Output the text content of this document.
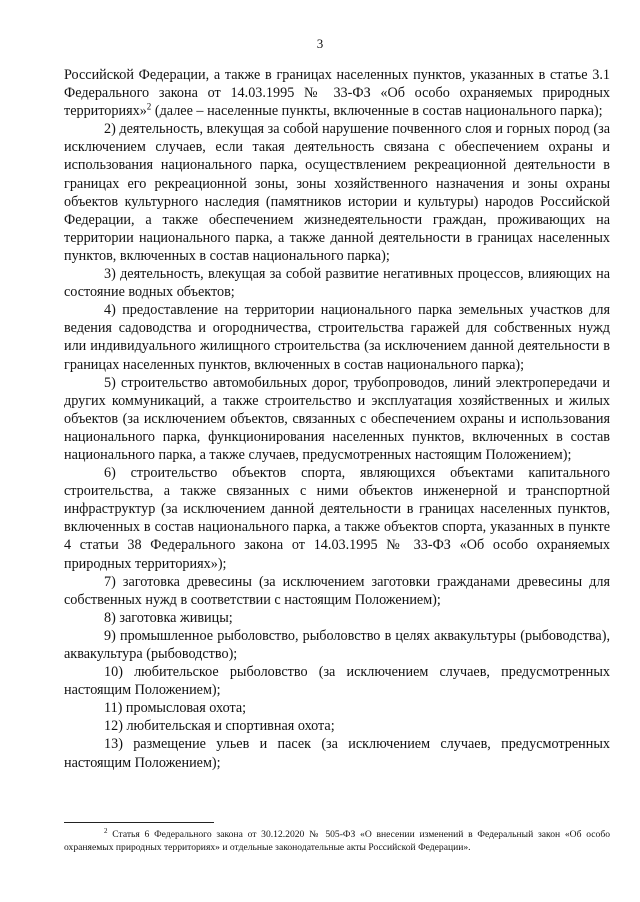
3

Российской Федерации, а также в границах населенных пунктов, указанных в статье 3.1 Федерального закона от 14.03.1995 № 33-ФЗ «Об особо охраняемых природных территориях»$^2$ (далее – населенные пункты, включенные в состав национального парка);

2) деятельность, влекущая за собой нарушение почвенного слоя и горных пород (за исключением случаев, если такая деятельность связана с обеспечением охраны и использования национального парка, осуществлением рекреационной деятельности в границах его рекреационной зоны, зоны хозяйственного назначения и зоны охраны объектов культурного наследия (памятников истории и культуры) народов Российской Федерации, а также обеспечением жизнедеятельности граждан, проживающих на территории национального парка, а также данной деятельности в границах населенных пунктов, включенных в состав национального парка);

3) деятельность, влекущая за собой развитие негативных процессов, влияющих на состояние водных объектов;

4) предоставление на территории национального парка земельных участков для ведения садоводства и огородничества, строительства гаражей для собственных нужд или индивидуального жилищного строительства (за исключением данной деятельности в границах населенных пунктов, включенных в состав национального парка);

5) строительство автомобильных дорог, трубопроводов, линий электропередачи и других коммуникаций, а также строительство и эксплуатация хозяйственных и жилых объектов (за исключением объектов, связанных с обеспечением охраны и использования национального парка, функционирования населенных пунктов, включенных в состав национального парка, а также случаев, предусмотренных настоящим Положением);

6) строительство объектов спорта, являющихся объектами капитального строительства, а также связанных с ними объектов инженерной и транспортной инфраструктур (за исключением данной деятельности в границах населенных пунктов, включенных в состав национального парка, а также объектов спорта, указанных в пункте 4 статьи 38 Федерального закона от 14.03.1995 № 33-ФЗ «Об особо охраняемых природных территориях»);

7) заготовка древесины (за исключением заготовки гражданами древесины для собственных нужд в соответствии с настоящим Положением);

8) заготовка живицы;

9) промышленное рыболовство, рыболовство в целях аквакультуры (рыбоводства), аквакультура (рыбоводство);

10) любительское рыболовство (за исключением случаев, предусмотренных настоящим Положением);

11) промысловая охота;

12) любительская и спортивная охота;

13) размещение ульев и пасек (за исключением случаев, предусмотренных настоящим Положением);

$^2$ Статья 6 Федерального закона от 30.12.2020 № 505-ФЗ «О внесении изменений в Федеральный закон «Об особо охраняемых природных территориях» и отдельные законодательные акты Российской Федерации».
